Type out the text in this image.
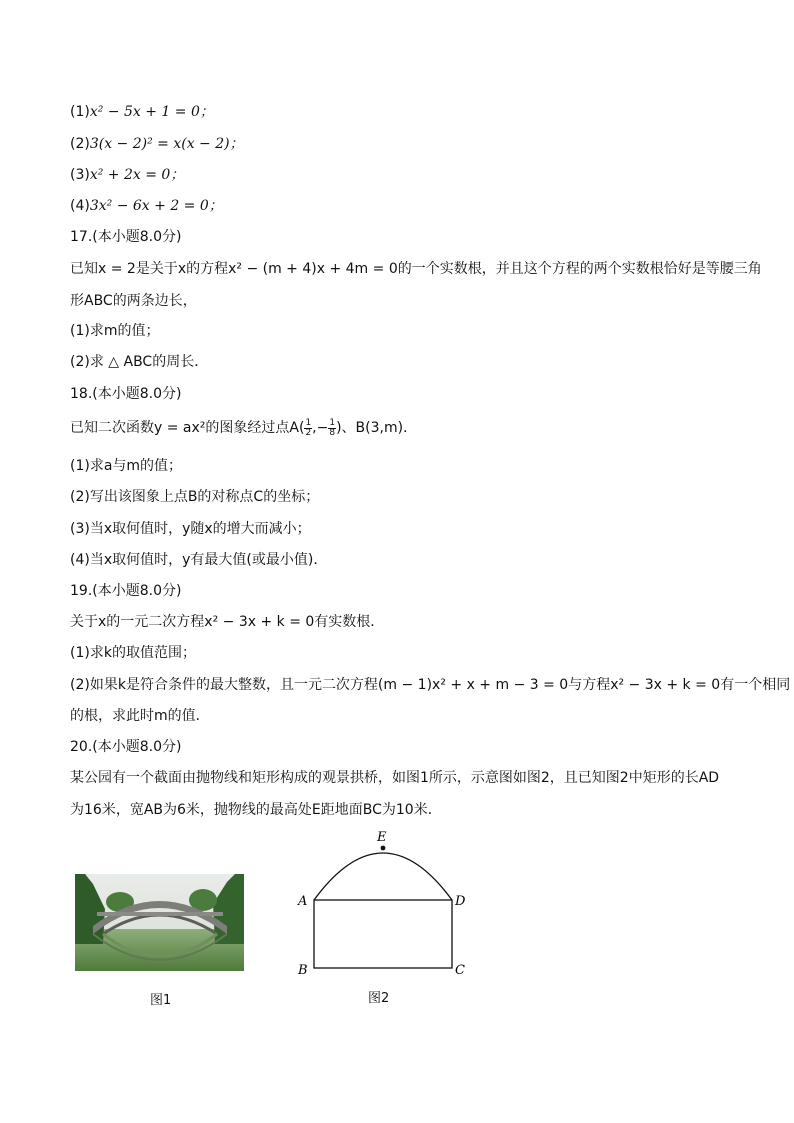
(1)x² − 5x + 1 = 0；
(2)3(x − 2)² = x(x − 2)；
(3)x² + 2x = 0；
(4)3x² − 6x + 2 = 0；
17.(本小题8.0分)
已知x = 2是关于x的方程x² − (m + 4)x + 4m = 0的一个实数根，并且这个方程的两个实数根恰好是等腰三角
形ABC的两条边长，
(1)求m的值；
(2)求 △ ABC的周长．
18.(本小题8.0分)
已知二次函数y = ax²的图象经过点$A( \frac{1}{2}$ ,− $\frac{1}{8}$ )、B(3,m)．
(1)求a与m的值；
(2)写出该图象上点B的对称点C的坐标；
(3)当x取何值时，y随x的增大而减小；
(4)当x取何值时，y有最大值(或最小值)．
19.(本小题8.0分)
关于x的一元二次方程x² − 3x + k = 0有实数根．
(1)求k的取值范围；
(2)如果k是符合条件的最大整数，且一元二次方程(m − 1)x² + x + m − 3 = 0与方程x² − 3x + k = 0有一个相同
的根，求此时m的值．
20.(本小题8.0分)
某公园有一个截面由抛物线和矩形构成的观景拱桥，如图1所示，示意图如图2，且已知图2中矩形的长AD
为16米，宽AB为6米，抛物线的最高处E距地面BC为10米．
E
A	D
B	C
图1	图2
